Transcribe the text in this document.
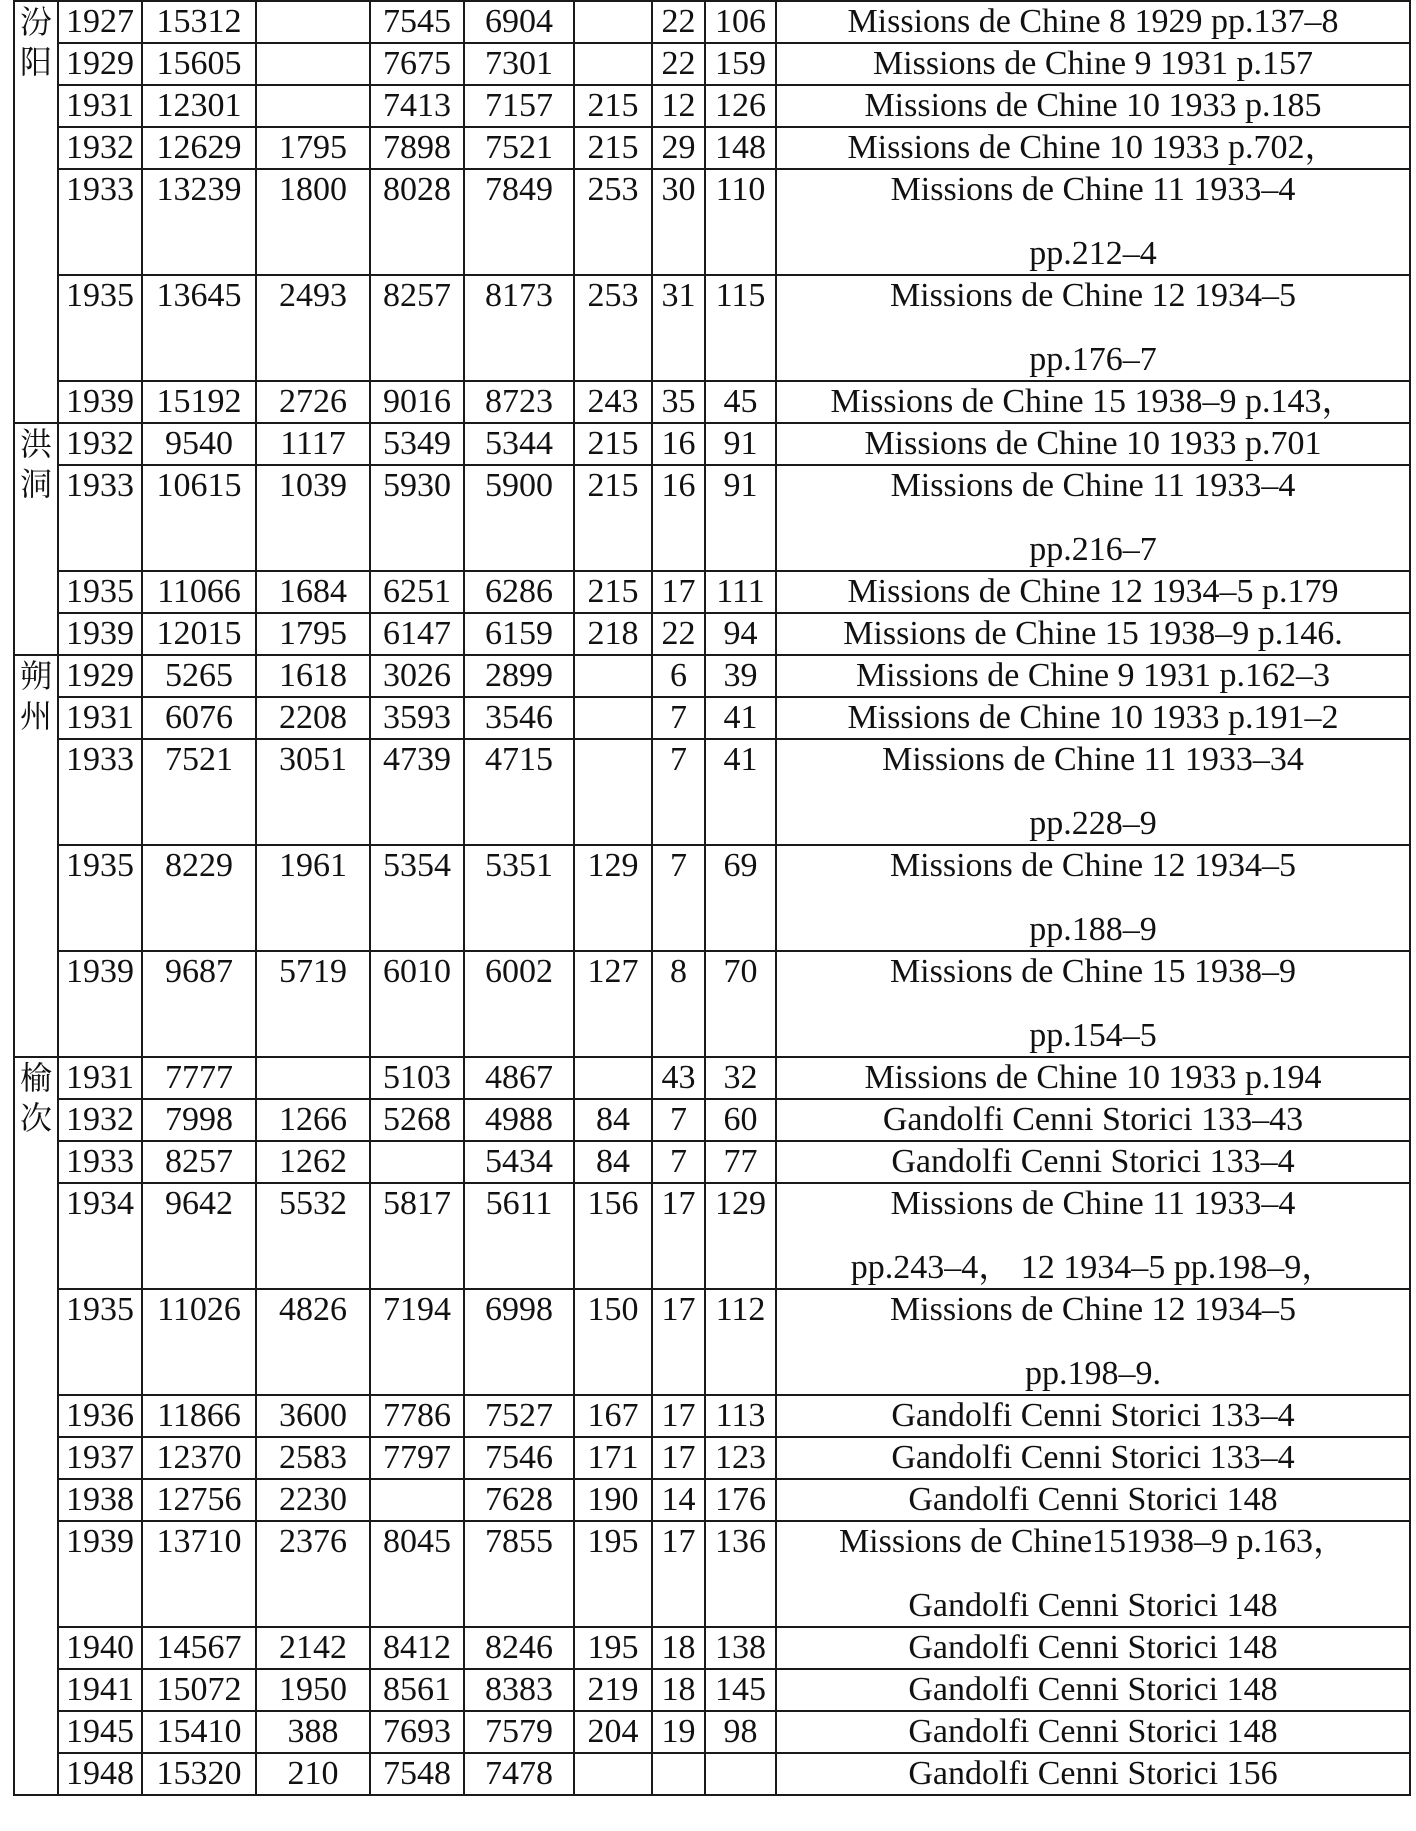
汾
阳	1927	15312		7545	6904		22	106	Missions de Chine 8 1929 pp.137–8
	1929	15605		7675	7301		22	159	Missions de Chine 9 1931 p.157
	1931	12301		7413	7157	215	12	126	Missions de Chine 10 1933 p.185
	1932	12629	1795	7898	7521	215	29	148	Missions de Chine 10 1933 p.702，
	1933	13239	1800	8028	7849	253	30	110	Missions de Chine 11 1933–4
pp.212–4

	1935	13645	2493	8257	8173	253	31	115	Missions de Chine 12 1934–5
pp.176–7

	1939	15192	2726	9016	8723	243	35	45	Missions de Chine 15 1938–9 p.143，

洪
洞	1932	9540	1117	5349	5344	215	16	91	Missions de Chine 10 1933 p.701
	1933	10615	1039	5930	5900	215	16	91	Missions de Chine 11 1933–4
pp.216–7

	1935	11066	1684	6251	6286	215	17	111	Missions de Chine 12 1934–5 p.179
	1939	12015	1795	6147	6159	218	22	94	Missions de Chine 15 1938–9 p.146.

朔
州	1929	5265	1618	3026	2899		6	39	Missions de Chine 9 1931 p.162–3
	1931	6076	2208	3593	3546		7	41	Missions de Chine 10 1933 p.191–2
	1933	7521	3051	4739	4715		7	41	Missions de Chine 11 1933–34
pp.228–9

	1935	8229	1961	5354	5351	129	7	69	Missions de Chine 12 1934–5
pp.188–9

	1939	9687	5719	6010	6002	127	8	70	Missions de Chine 15 1938–9
pp.154–5

榆
次	1931	7777		5103	4867		43	32	Missions de Chine 10 1933 p.194
	1932	7998	1266	5268	4988	84	7	60	Gandolfi Cenni Storici 133–43
	1933	8257	1262		5434	84	7	77	Gandolfi Cenni Storici 133–4
	1934	9642	5532	5817	5611	156	17	129	Missions de Chine 11 1933–4
pp.243–4， 12 1934–5 pp.198–9，

	1935	11026	4826	7194	6998	150	17	112	Missions de Chine 12 1934–5
pp.198–9.

	1936	11866	3600	7786	7527	167	17	113	Gandolfi Cenni Storici 133–4
	1937	12370	2583	7797	7546	171	17	123	Gandolfi Cenni Storici 133–4
	1938	12756	2230		7628	190	14	176	Gandolfi Cenni Storici 148
	1939	13710	2376	8045	7855	195	17	136	Missions de Chine151938–9 p.163，
Gandolfi Cenni Storici 148

	1940	14567	2142	8412	8246	195	18	138	Gandolfi Cenni Storici 148
	1941	15072	1950	8561	8383	219	18	145	Gandolfi Cenni Storici 148
	1945	15410	388	7693	7579	204	19	98	Gandolfi Cenni Storici 148
	1948	15320	210	7548	7478				Gandolfi Cenni Storici 156
